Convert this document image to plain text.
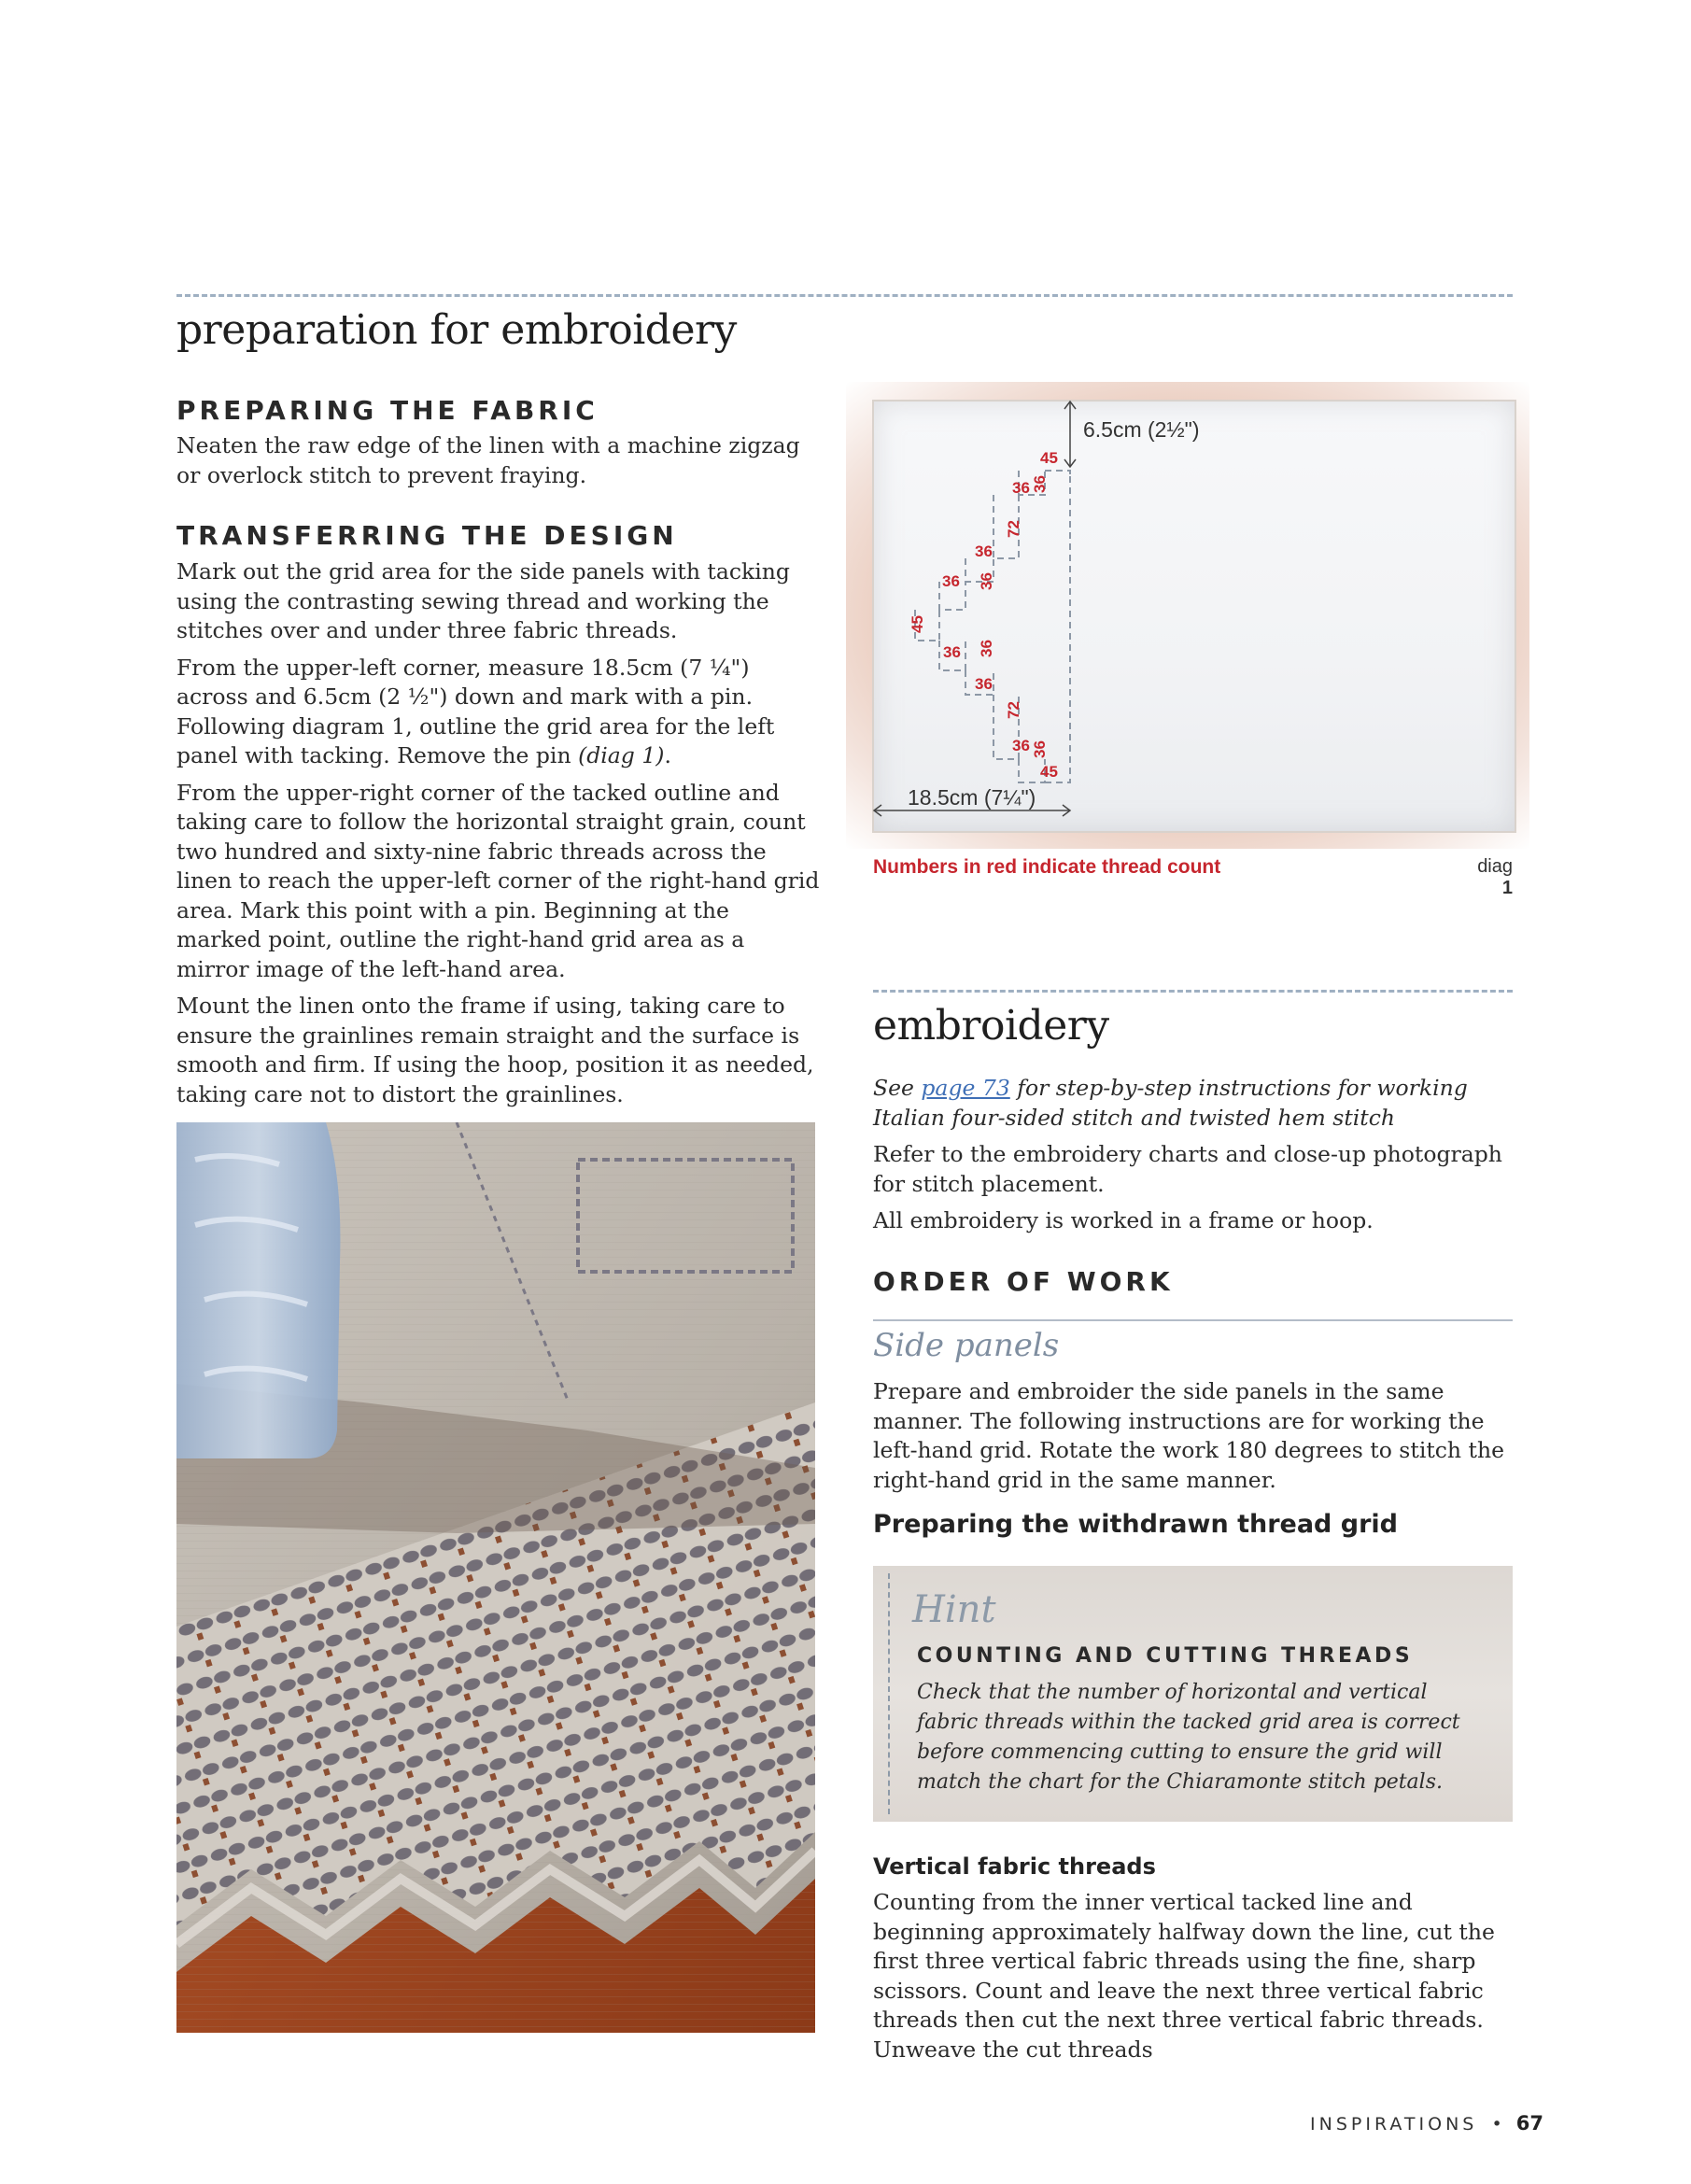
preparation for embroidery
PREPARING THE FABRIC

Neaten the raw edge of the linen with a machine zigzag or overlock stitch to prevent fraying.

TRANSFERRING THE DESIGN

Mark out the grid area for the side panels with tacking using the contrasting sewing thread and working the stitches over and under three fabric threads.

From the upper-left corner, measure 18.5cm (7 ¼") across and 6.5cm (2 ½") down and mark with a pin. Following diagram 1, outline the grid area for the left panel with tacking. Remove the pin (diag 1).

From the upper-right corner of the tacked outline and taking care to follow the horizontal straight grain, count two hundred and sixty-nine fabric threads across the linen to reach the upper-left corner of the right-hand grid area. Mark this point with a pin. Beginning at the marked point, outline the right-hand grid area as a mirror image of the left-hand area.

Mount the linen onto the frame if using, taking care to ensure the grainlines remain straight and the surface is smooth and firm. If using the hoop, position it as needed, taking care not to distort the grainlines.

6.5cm (2½")
18.5cm (7¼")
45
36 36
72
36
36
36
45
36 36
36
72
36 36
45
Numbers in red indicate thread count	diag 1
embroidery

See page 73 for step-by-step instructions for working Italian four-sided stitch and twisted hem stitch

Refer to the embroidery charts and close-up photograph for stitch placement.

All embroidery is worked in a frame or hoop.

ORDER OF WORK
Side panels

Prepare and embroider the side panels in the same manner. The following instructions are for working the left-hand grid. Rotate the work 180 degrees to stitch the right-hand grid in the same manner.

Preparing the withdrawn thread grid
Hint
COUNTING AND CUTTING THREADS
Check that the number of horizontal and vertical fabric threads within the tacked grid area is correct before commencing cutting to ensure the grid will match the chart for the Chiaramonte stitch petals.
Vertical fabric threads

Counting from the inner vertical tacked line and beginning approximately halfway down the line, cut the first three vertical fabric threads using the fine, sharp scissors. Count and leave the next three vertical fabric threads then cut the next three vertical fabric threads. Unweave the cut threads

INSPIRATIONS • 67
